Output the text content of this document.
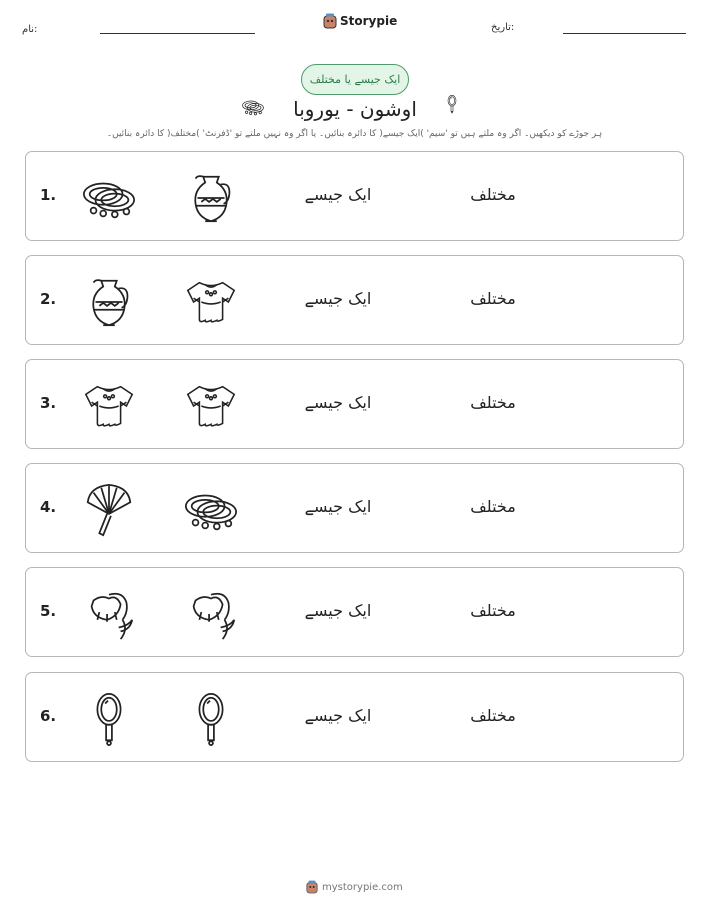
نام:
Storypie	تاریخ:
ایک جیسے یا مختلف
اوشون - یوروبا
ہر جوڑے کو دیکھیں۔ اگر وہ ملتے ہیں تو 'سیم' )ایک جیسے( کا دائرہ بنائیں۔ یا اگر وہ نہیں ملتے تو 'ڈفرنٹ' )مختلف( کا دائرہ بنائیں۔
1.	ایک جیسے	مختلف
2.	ایک جیسے	مختلف
3.	ایک جیسے	مختلف
4.	ایک جیسے	مختلف
5.	ایک جیسے	مختلف
6.	ایک جیسے	مختلف
mystorypie.com
